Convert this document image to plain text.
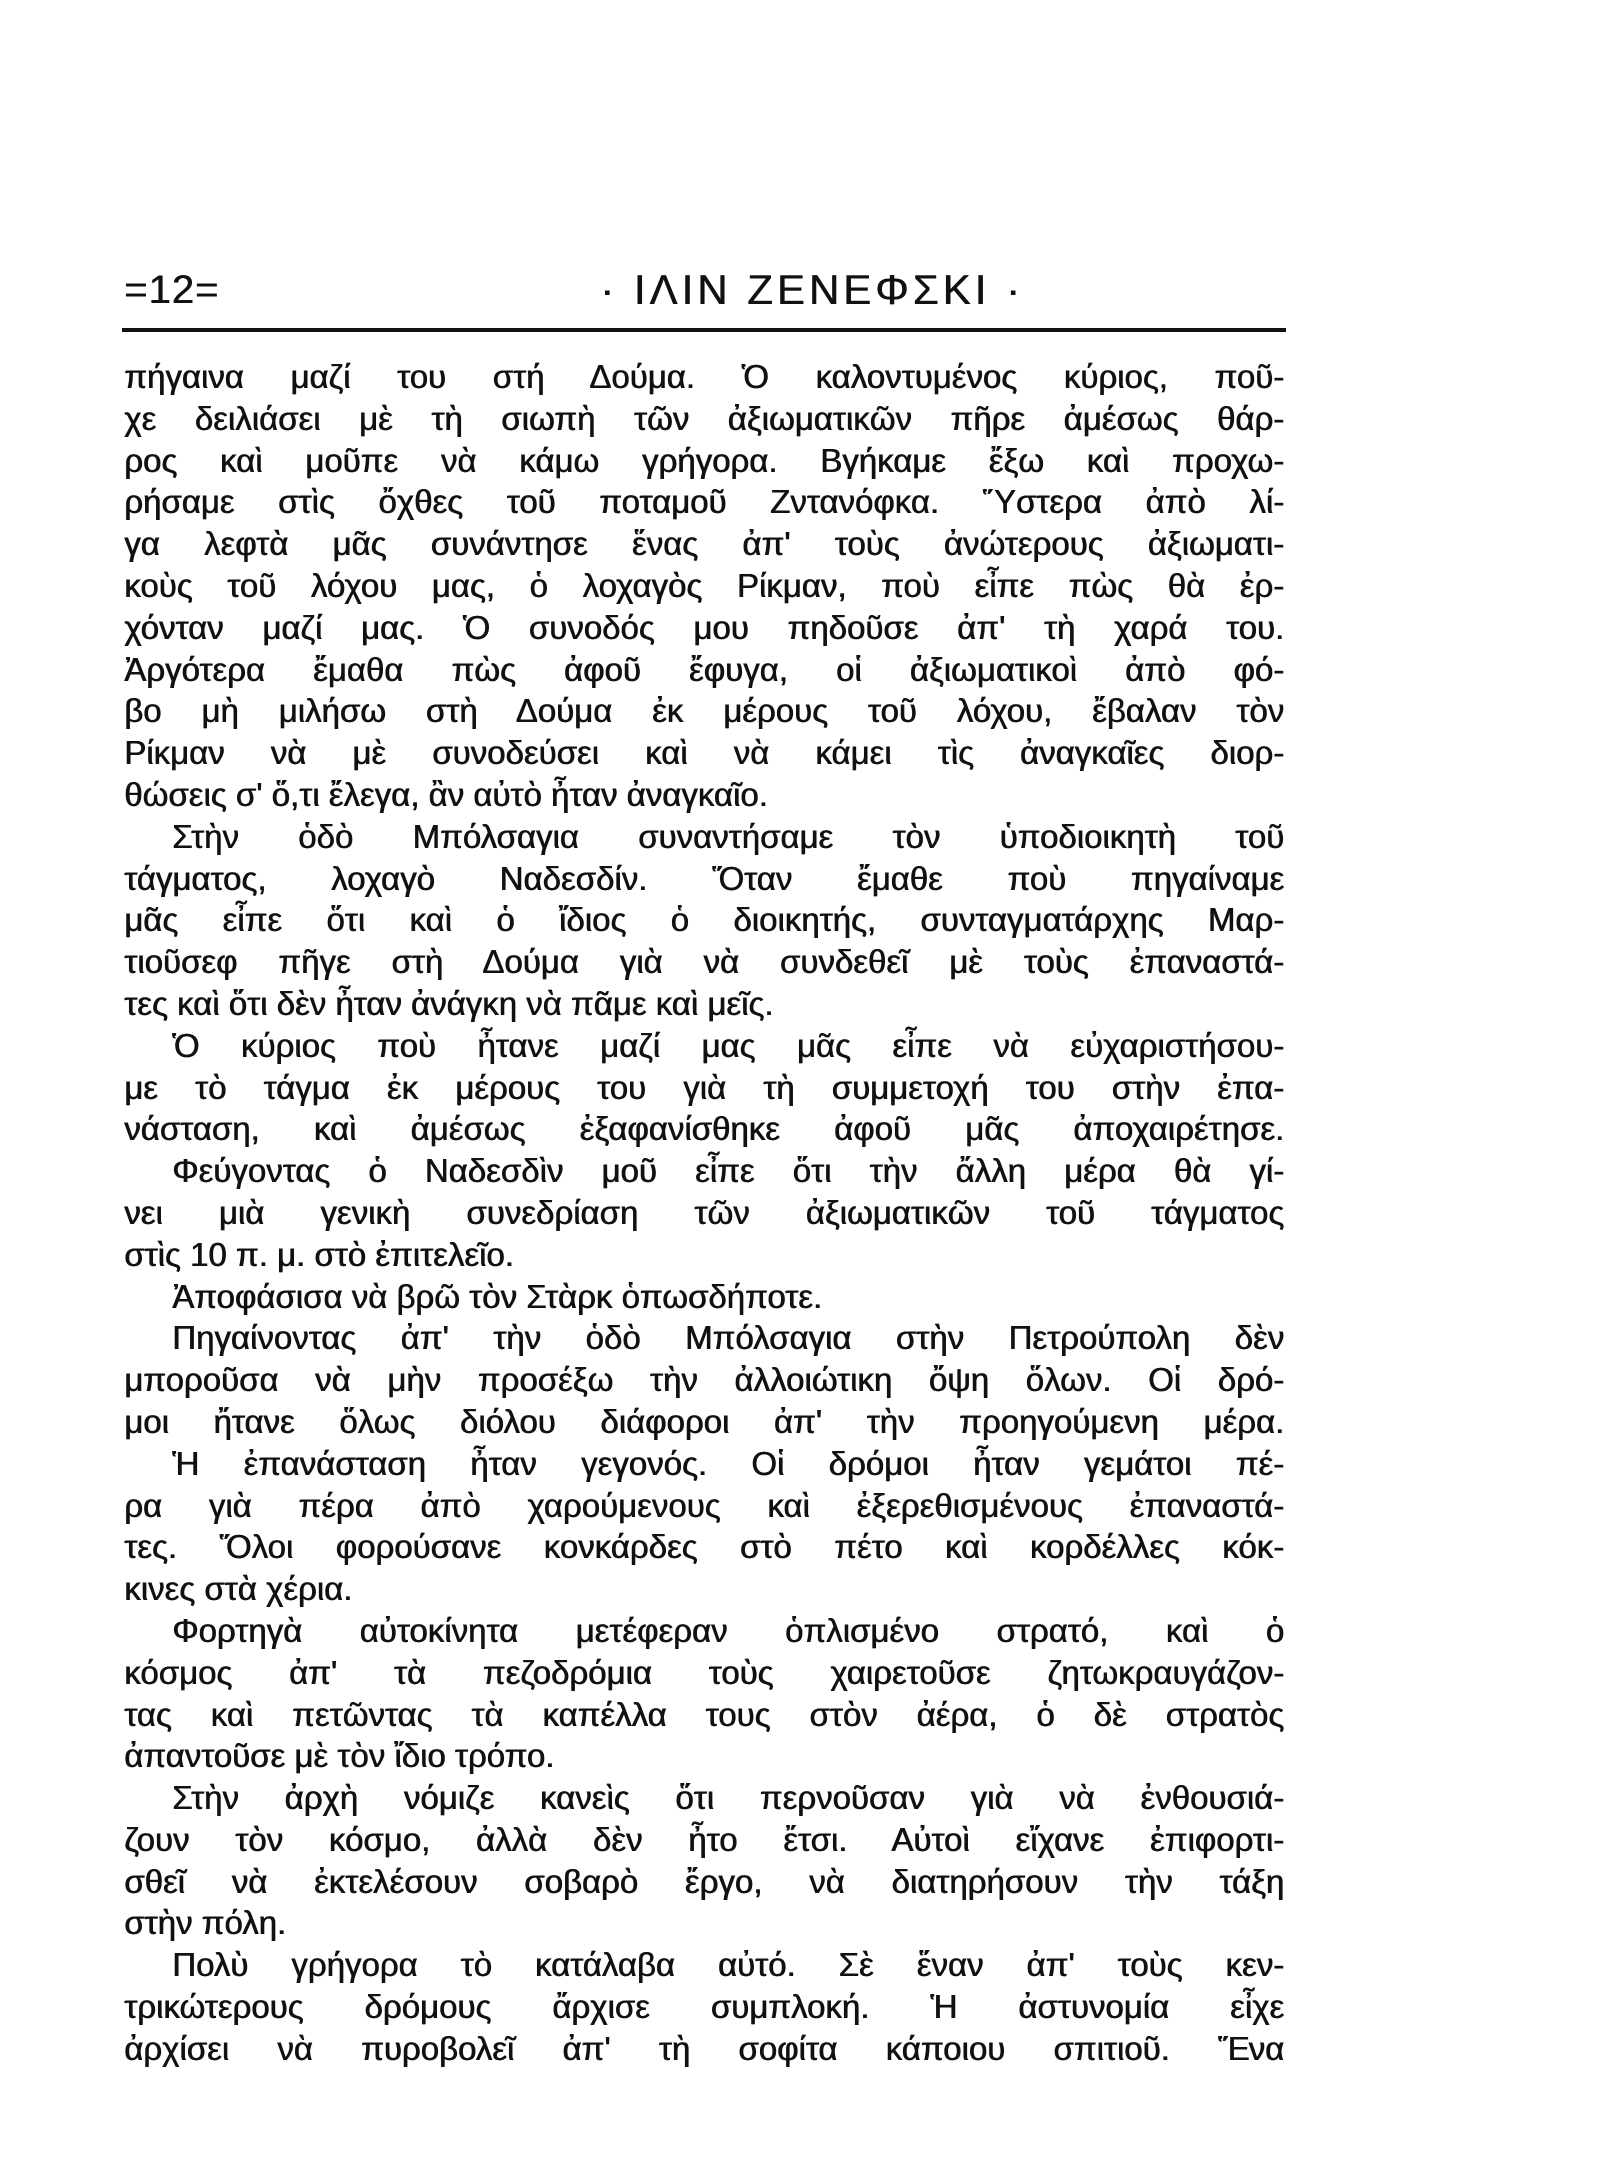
=12=	· ΙΛΙΝ ΖΕΝΕΦΣΚΙ ·
πήγαινα μαζί του στή Δούμα. Ὁ καλοντυμένος κύριος, ποῦ-
χε δειλιάσει μὲ τὴ σιωπὴ τῶν ἀξιωματικῶν πῆρε ἀμέσως θάρ-
ρος καὶ μοῦπε νὰ κάμω γρήγορα. Βγήκαμε ἔξω καὶ προχω-
ρήσαμε στὶς ὄχθες τοῦ ποταμοῦ Ζντανόφκα. Ὕστερα ἀπὸ λί-
γα λεφτὰ μᾶς συνάντησε ἕνας ἀπ' τοὺς ἀνώτερους ἀξιωματι-
κοὺς τοῦ λόχου μας, ὁ λοχαγὸς Ρίκμαν, ποὺ εἶπε πὼς θὰ ἐρ-
χόνταν μαζί μας. Ὁ συνοδός μου πηδοῦσε ἀπ' τὴ χαρά του.
Ἀργότερα ἔμαθα πὼς ἀφοῦ ἔφυγα, οἱ ἀξιωματικοὶ ἀπὸ φό-
βο μὴ μιλήσω στὴ Δούμα ἐκ μέρους τοῦ λόχου, ἔβαλαν τὸν
Ρίκμαν νὰ μὲ συνοδεύσει καὶ νὰ κάμει τὶς ἀναγκαῖες διορ-
θώσεις σ' ὅ,τι ἔλεγα, ἂν αὐτὸ ἦταν ἀναγκαῖο.
Στὴν ὁδὸ Μπόλσαγια συναντήσαμε τὸν ὑποδιοικητὴ τοῦ
τάγματος, λοχαγὸ Ναδεσδίν. Ὅταν ἔμαθε ποὺ πηγαίναμε
μᾶς εἶπε ὅτι καὶ ὁ ἴδιος ὁ διοικητής, συνταγματάρχης Μαρ-
τιοῦσεφ πῆγε στὴ Δούμα γιὰ νὰ συνδεθεῖ μὲ τοὺς ἐπαναστά-
τες καὶ ὅτι δὲν ἦταν ἀνάγκη νὰ πᾶμε καὶ μεῖς.
Ὁ κύριος ποὺ ἦτανε μαζί μας μᾶς εἶπε νὰ εὐχαριστήσου-
με τὸ τάγμα ἐκ μέρους του γιὰ τὴ συμμετοχή του στὴν ἐπα-
νάσταση, καὶ ἀμέσως ἐξαφανίσθηκε ἀφοῦ μᾶς ἀποχαιρέτησε.
Φεύγοντας ὁ Ναδεσδὶν μοῦ εἶπε ὅτι τὴν ἄλλη μέρα θὰ γί-
νει μιὰ γενικὴ συνεδρίαση τῶν ἀξιωματικῶν τοῦ τάγματος
στὶς 10 π. μ. στὸ ἐπιτελεῖο.
Ἀποφάσισα νὰ βρῶ τὸν Στὰρκ ὁπωσδήποτε.
Πηγαίνοντας ἀπ' τὴν ὁδὸ Μπόλσαγια στὴν Πετρούπολη δὲν
μποροῦσα νὰ μὴν προσέξω τὴν ἀλλοιώτικη ὄψη ὅλων. Οἱ δρό-
μοι ἤτανε ὅλως διόλου διάφοροι ἀπ' τὴν προηγούμενη μέρα.
Ἡ ἐπανάσταση ἦταν γεγονός. Οἱ δρόμοι ἦταν γεμάτοι πέ-
ρα γιὰ πέρα ἀπὸ χαρούμενους καὶ ἐξερεθισμένους ἐπαναστά-
τες. Ὅλοι φορούσανε κονκάρδες στὸ πέτο καὶ κορδέλλες κόκ-
κινες στὰ χέρια.
Φορτηγὰ αὐτοκίνητα μετέφεραν ὁπλισμένο στρατό, καὶ ὁ
κόσμος ἀπ' τὰ πεζοδρόμια τοὺς χαιρετοῦσε ζητωκραυγάζον-
τας καὶ πετῶντας τὰ καπέλλα τους στὸν ἀέρα, ὁ δὲ στρατὸς
ἀπαντοῦσε μὲ τὸν ἴδιο τρόπο.
Στὴν ἀρχὴ νόμιζε κανεὶς ὅτι περνοῦσαν γιὰ νὰ ἐνθουσιά-
ζουν τὸν κόσμο, ἀλλὰ δὲν ἦτο ἔτσι. Αὐτοὶ εἴχανε ἐπιφορτι-
σθεῖ νὰ ἐκτελέσουν σοβαρὸ ἔργο, νὰ διατηρήσουν τὴν τάξη
στὴν πόλη.
Πολὺ γρήγορα τὸ κατάλαβα αὐτό. Σὲ ἕναν ἀπ' τοὺς κεν-
τρικώτερους δρόμους ἄρχισε συμπλοκή. Ἡ ἀστυνομία εἶχε
ἀρχίσει νὰ πυροβολεῖ ἀπ' τὴ σοφίτα κάποιου σπιτιοῦ. Ἕνα
